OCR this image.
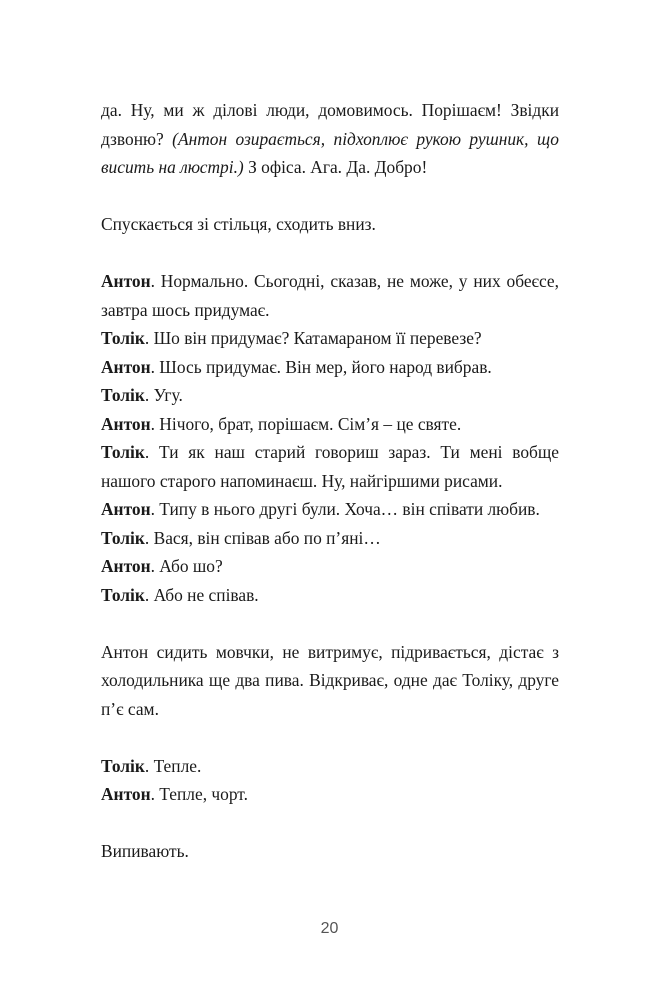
да. Ну, ми ж ділові люди, домовимось. Порішаєм! Звідки дзвоню? (Антон озирається, підхоплює рукою рушник, що висить на люстрі.) З офіса. Ага. Да. Добро!

Спускається зі стільця, сходить вниз.

Антон. Нормально. Сьогодні, сказав, не може, у них обеєсе, завтра шось придумає.

Толік. Шо він придумає? Катамараном її перевезе?

Антон. Шось придумає. Він мер, його народ вибрав.

Толік. Угу.

Антон. Нічого, брат, порішаєм. Сім’я – це святе.

Толік. Ти як наш старий говориш зараз. Ти мені вобще нашого старого напоминаєш. Ну, найгіршими рисами.

Антон. Типу в нього другі були. Хоча… він співати любив.

Толік. Вася, він співав або по п’яні…

Антон. Або шо?

Толік. Або не співав.

Антон сидить мовчки, не витримує, підривається, дістає з холодильника ще два пива. Відкриває, одне дає Толіку, друге п’є сам.

Толік. Тепле.

Антон. Тепле, чорт.

Випивають.

20
